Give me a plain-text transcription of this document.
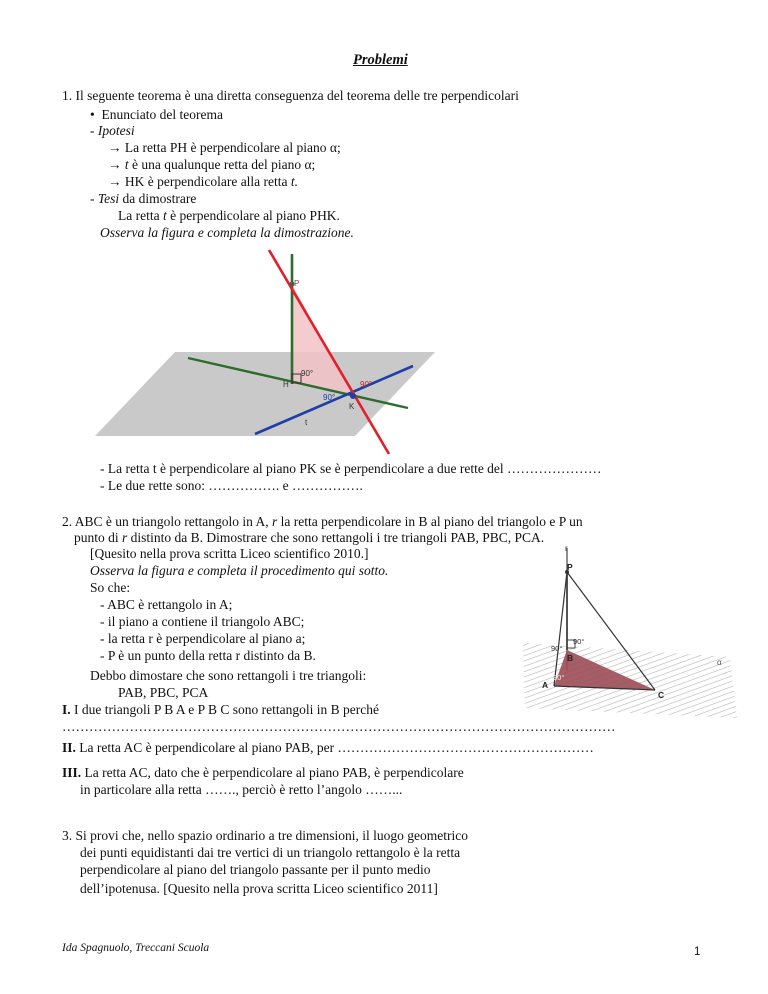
Problemi
1. Il seguente teorema è una diretta conseguenza del teorema delle tre perpendicolari
•  Enunciato del teorema
- Ipotesi
→ La retta PH è perpendicolare al piano α;
→ t è una qualunque retta del piano α;
→ HK è perpendicolare alla retta t.
- Tesi da dimostrare
La retta t è perpendicolare al piano PHK.
Osserva la figura e completa la dimostrazione.
P
H
K
t
90°
90°
90°
- La retta t è perpendicolare al piano PK se è perpendicolare a due rette del …………………
- Le due rette sono: ……………. e …………….
2. ABC è un triangolo rettangolo in A, r la retta perpendicolare in B al piano del triangolo e P un
punto di r distinto da B. Dimostrare che sono rettangoli i tre triangoli PAB, PBC, PCA.
r
P
B
A
C
α
90°
90°
90°
[Quesito nella prova scritta Liceo scientifico 2010.]
Osserva la figura e completa il procedimento qui sotto.
So che:
- ABC è rettangolo in A;
- il piano a contiene il triangolo ABC;
- la retta r è perpendicolare al piano a;
- P è un punto della retta r distinto da B.
Debbo dimostare che sono rettangoli i tre triangoli:
PAB, PBC, PCA
I. I due triangoli P B A e P B C sono rettangoli in B perché
……………………………………………………………………………………………………………
II. La retta AC è perpendicolare al piano PAB, per …………………………………………………
III. La retta AC, dato che è perpendicolare al piano PAB, è perpendicolare
in particolare alla retta ……., perciò è retto l’angolo ……...
3. Si provi che, nello spazio ordinario a tre dimensioni, il luogo geometrico
dei punti equidistanti dai tre vertici di un triangolo rettangolo è la retta
perpendicolare al piano del triangolo passante per il punto medio
dell’ipotenusa. [Quesito nella prova scritta Liceo scientifico 2011]
Ida Spagnuolo, Treccani Scuola	1
